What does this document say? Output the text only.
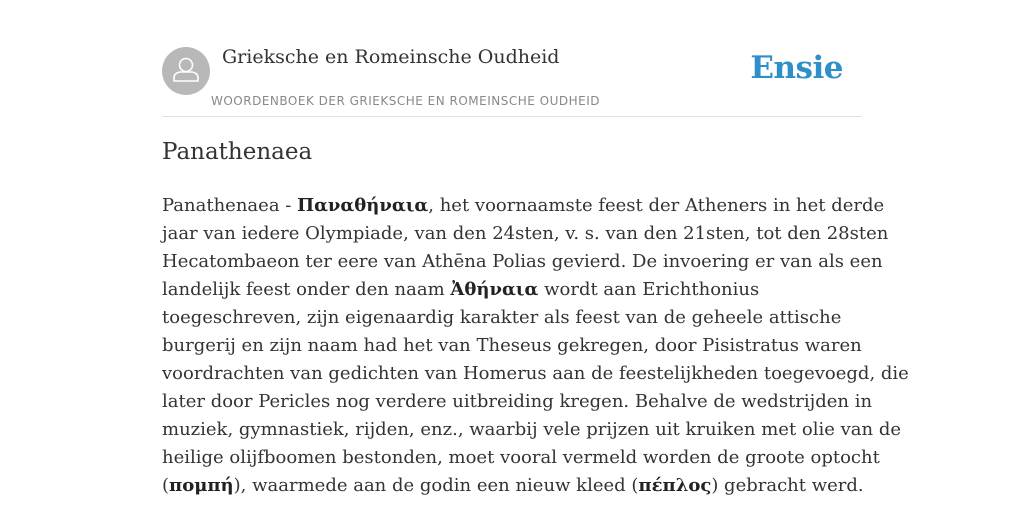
Grieksche en Romeinsche Oudheid
WOORDENBOEK DER GRIEKSCHE EN ROMEINSCHE OUDHEID
Ensie
Panathenaea
Panathenaea - Παναθήναια, het voornaamste feest der Atheners in het derde
jaar van iedere Olympiade, van den 24sten, v. s. van den 21sten, tot den 28sten
Hecatombaeon ter eere van Athēna Polias gevierd. De invoering er van als een
landelijk feest onder den naam Ἀθήναια wordt aan Erichthonius
toegeschreven, zijn eigenaardig karakter als feest van de geheele attische
burgerij en zijn naam had het van Theseus gekregen, door Pisistratus waren
voordrachten van gedichten van Homerus aan de feestelijkheden toegevoegd, die
later door Pericles nog verdere uitbreiding kregen. Behalve de wedstrijden in
muziek, gymnastiek, rijden, enz., waarbij vele prijzen uit kruiken met olie van de
heilige olijfboomen bestonden, moet vooral vermeld worden de groote optocht
(πομπή), waarmede aan de godin een nieuw kleed (πέπλος) gebracht werd.
